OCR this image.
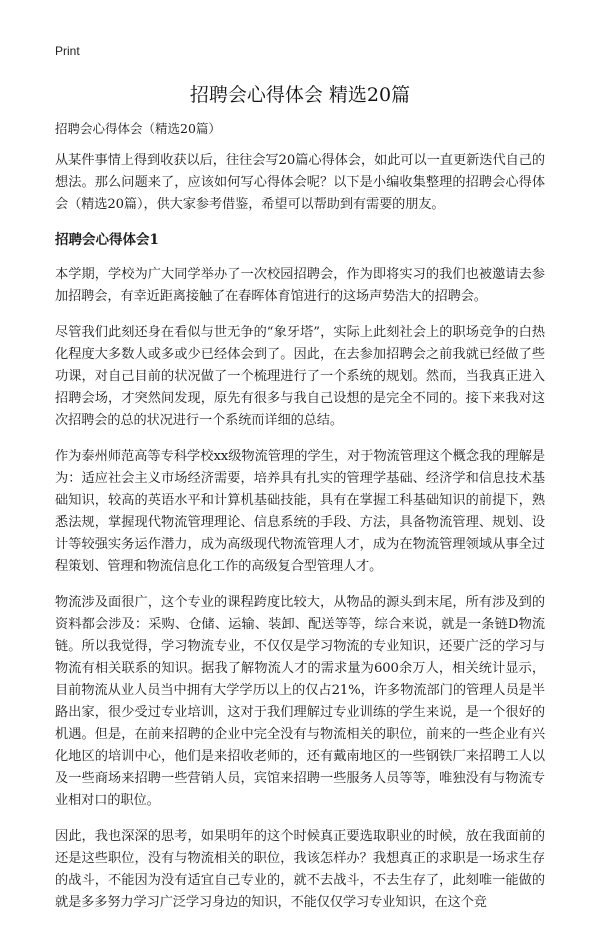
Print
招聘会心得体会 精选20篇
招聘会心得体会（精选20篇）

从某件事情上得到收获以后，往往会写20篇心得体会，如此可以一直更新迭代自己的想法。那么问题来了，应该如何写心得体会呢？以下是小编收集整理的招聘会心得体会（精选20篇），供大家参考借鉴，希望可以帮助到有需要的朋友。

招聘会心得体会1

本学期，学校为广大同学举办了一次校园招聘会，作为即将实习的我们也被邀请去参加招聘会，有幸近距离接触了在春晖体育馆进行的这场声势浩大的招聘会。

尽管我们此刻还身在看似与世无争的“象牙塔”，实际上此刻社会上的职场竞争的白热化程度大多数人或多或少已经体会到了。因此，在去参加招聘会之前我就已经做了些功课，对自己目前的状况做了一个梳理进行了一个系统的规划。然而，当我真正进入招聘会场，才突然间发现，原先有很多与我自己设想的是完全不同的。接下来我对这次招聘会的总的状况进行一个系统而详细的总结。

作为泰州师范高等专科学校xx级物流管理的学生，对于物流管理这个概念我的理解是为：适应社会主义市场经济需要，培养具有扎实的管理学基础、经济学和信息技术基础知识，较高的英语水平和计算机基础技能，具有在掌握工科基础知识的前提下，熟悉法规，掌握现代物流管理理论、信息系统的手段、方法，具备物流管理、规划、设计等较强实务运作潜力，成为高级现代物流管理人才，成为在物流管理领域从事全过程策划、管理和物流信息化工作的高级复合型管理人才。

物流涉及面很广，这个专业的课程跨度比较大，从物品的源头到末尾，所有涉及到的资料都会涉及：采购、仓储、运输、装卸、配送等等，综合来说，就是一条链D物流链。所以我觉得，学习物流专业，不仅仅是学习物流的专业知识，还要广泛的学习与物流有相关联系的知识。据我了解物流人才的需求量为600余万人，相关统计显示，目前物流从业人员当中拥有大学学历以上的仅占21%，许多物流部门的管理人员是半路出家，很少受过专业培训，这对于我们理解过专业训练的学生来说，是一个很好的机遇。但是，在前来招聘的企业中完全没有与物流相关的职位，前来的一些企业有兴化地区的培训中心，他们是来招收老师的，还有戴南地区的一些钢铁厂来招聘工人以及一些商场来招聘一些营销人员，宾馆来招聘一些服务人员等等，唯独没有与物流专业相对口的职位。

因此，我也深深的思考，如果明年的这个时候真正要选取职业的时候，放在我面前的还是这些职位，没有与物流相关的职位，我该怎样办？我想真正的求职是一场求生存的战斗，不能因为没有适宜自己专业的，就不去战斗，不去生存了，此刻唯一能做的就是多多努力学习广泛学习身边的知识，不能仅仅学习专业知识，在这个竞
